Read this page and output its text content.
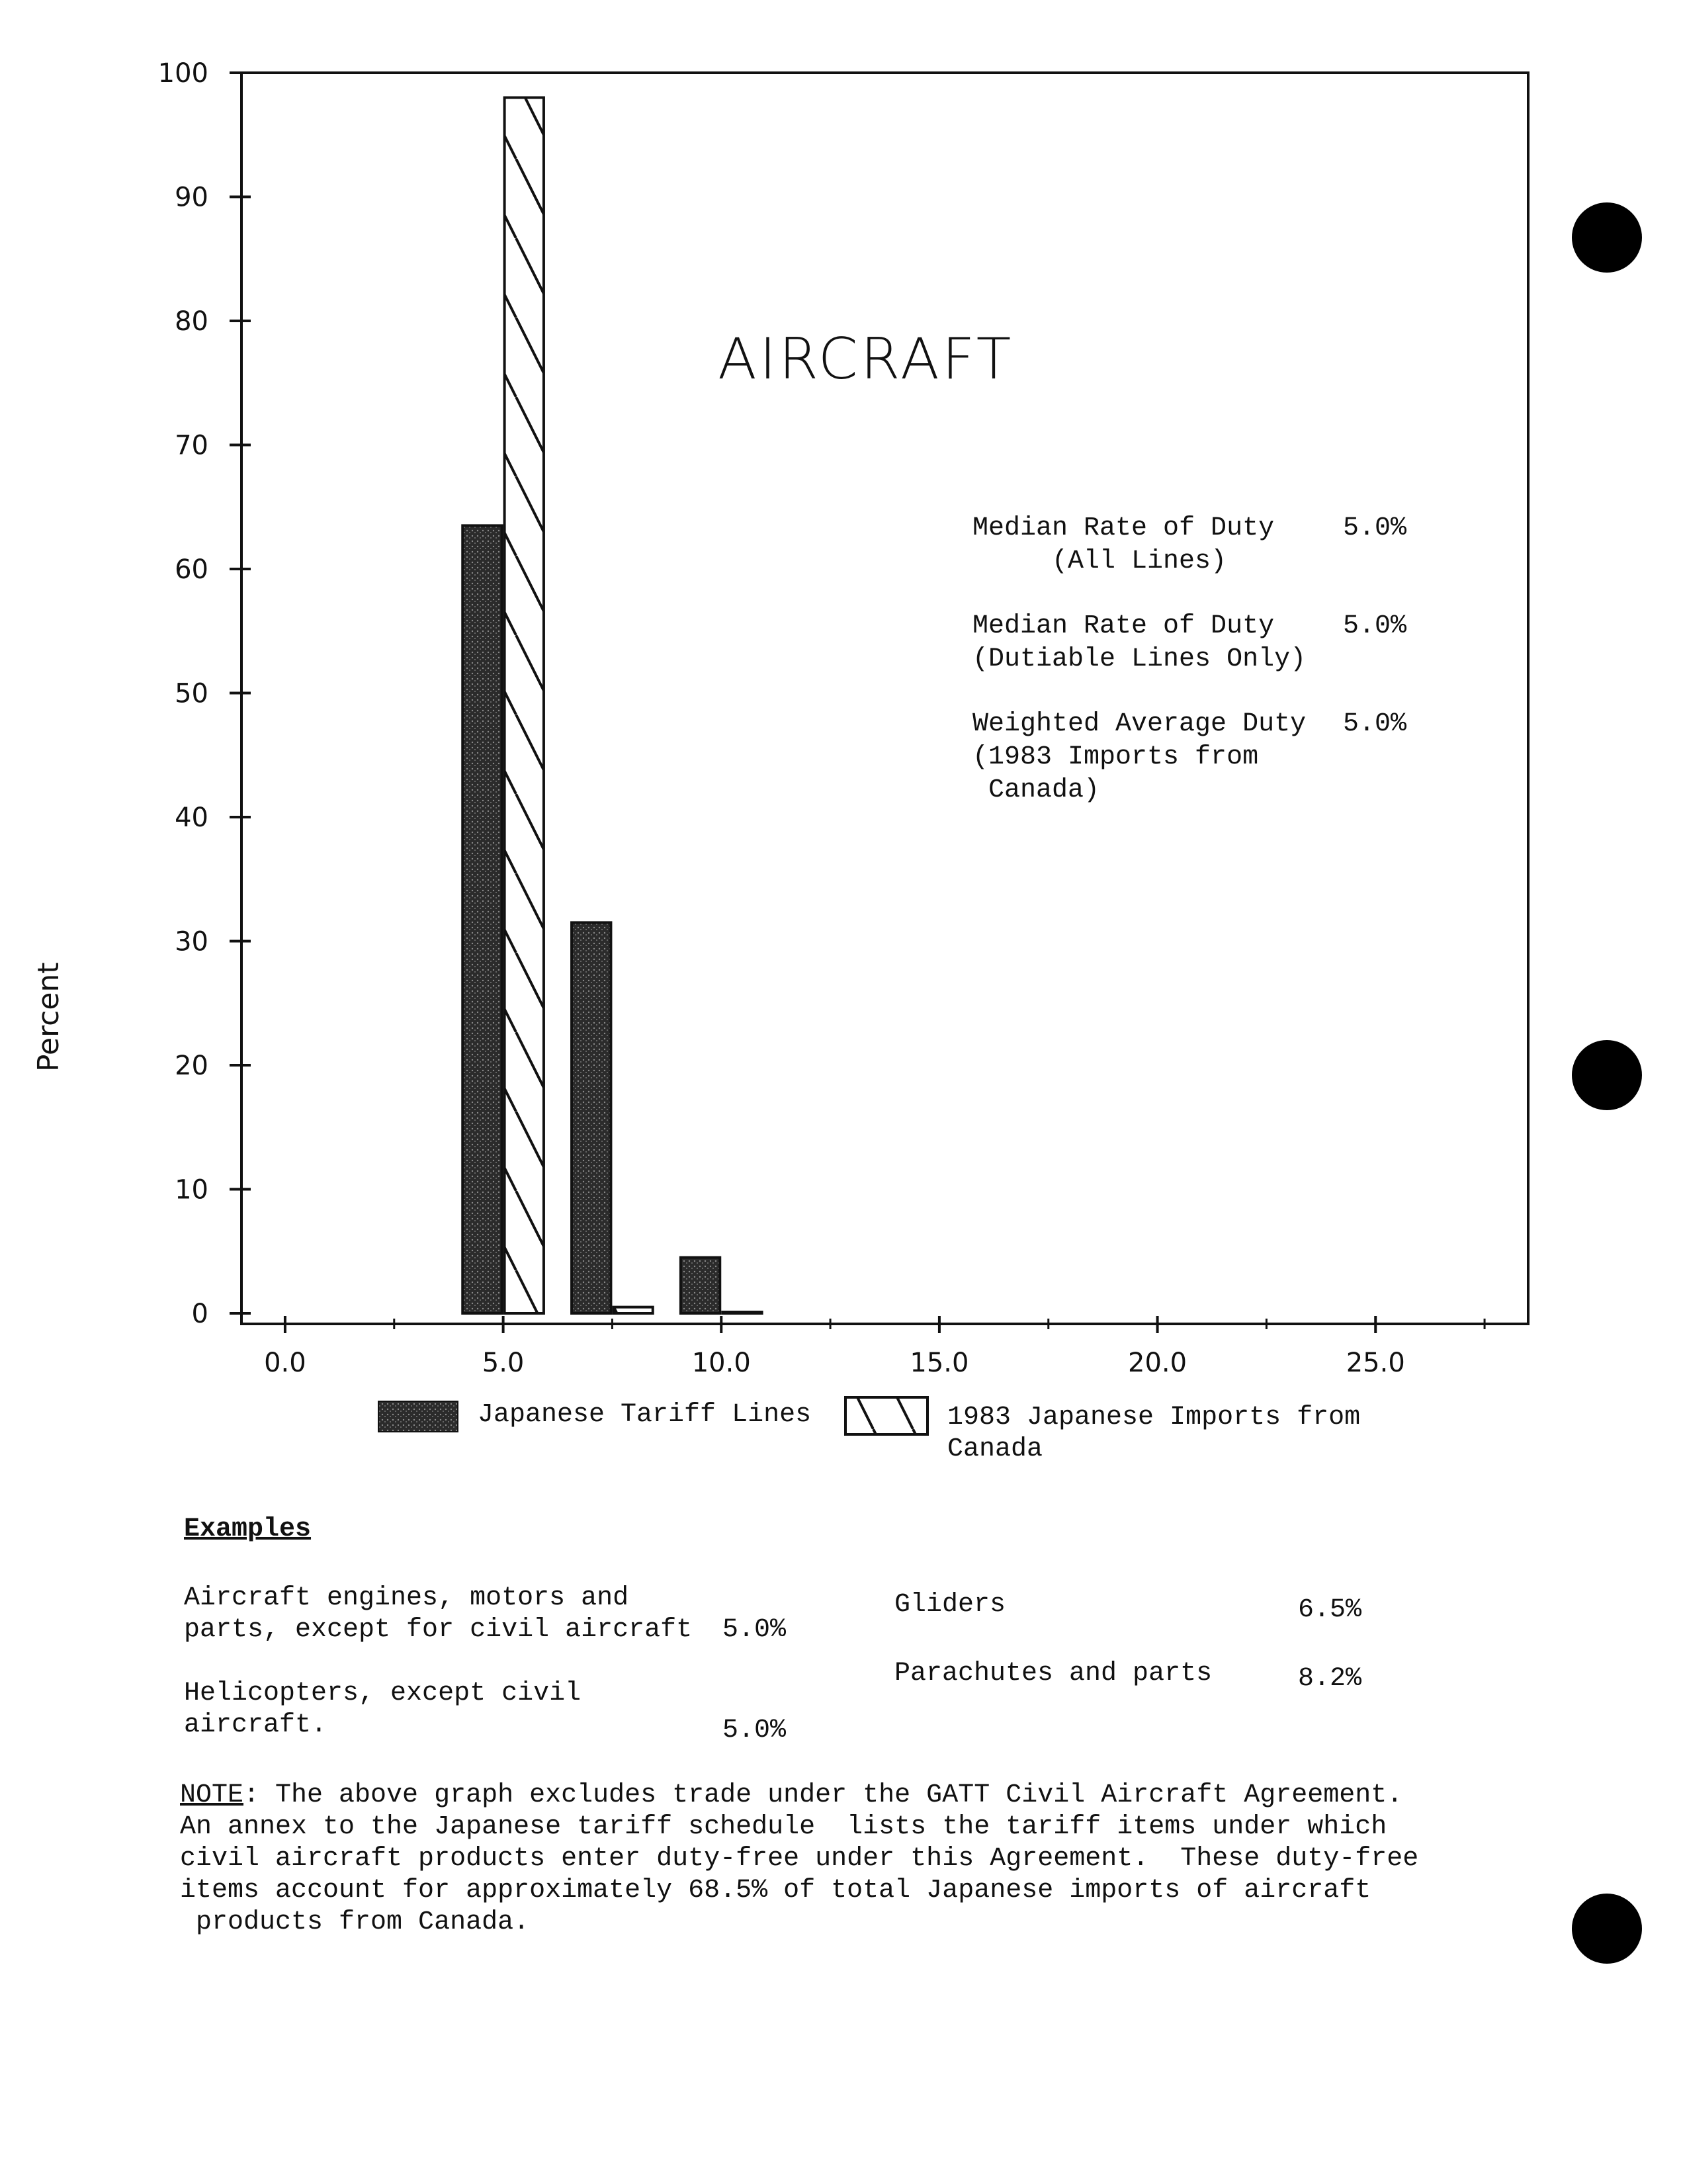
0
10
20
30
40
50
60
70
80
90
100
0.0	5.0	10.0	15.0	20.0	25.0
AIRCRAFT
Percent
Median Rate of Duty
(All Lines)
5.0%
Median Rate of Duty
(Dutiable Lines Only)
5.0%
Weighted Average Duty
(1983 Imports from
Canada)
5.0%
Japanese Tariff Lines	1983 Japanese Imports from
Canada
Examples
Aircraft engines, motors and
parts, except for civil aircraft 5.0%
Helicopters, except civil
aircraft.	5.0%
Gliders	6.5%
Parachutes and parts	8.2%
NOTE: The above graph excludes trade under the GATT Civil Aircraft Agreement.
An annex to the Japanese tariff schedule  lists the tariff items under which
civil aircraft products enter duty-free under this Agreement.  These duty-free
items account for approximately 68.5% of total Japanese imports of aircraft
products from Canada.
